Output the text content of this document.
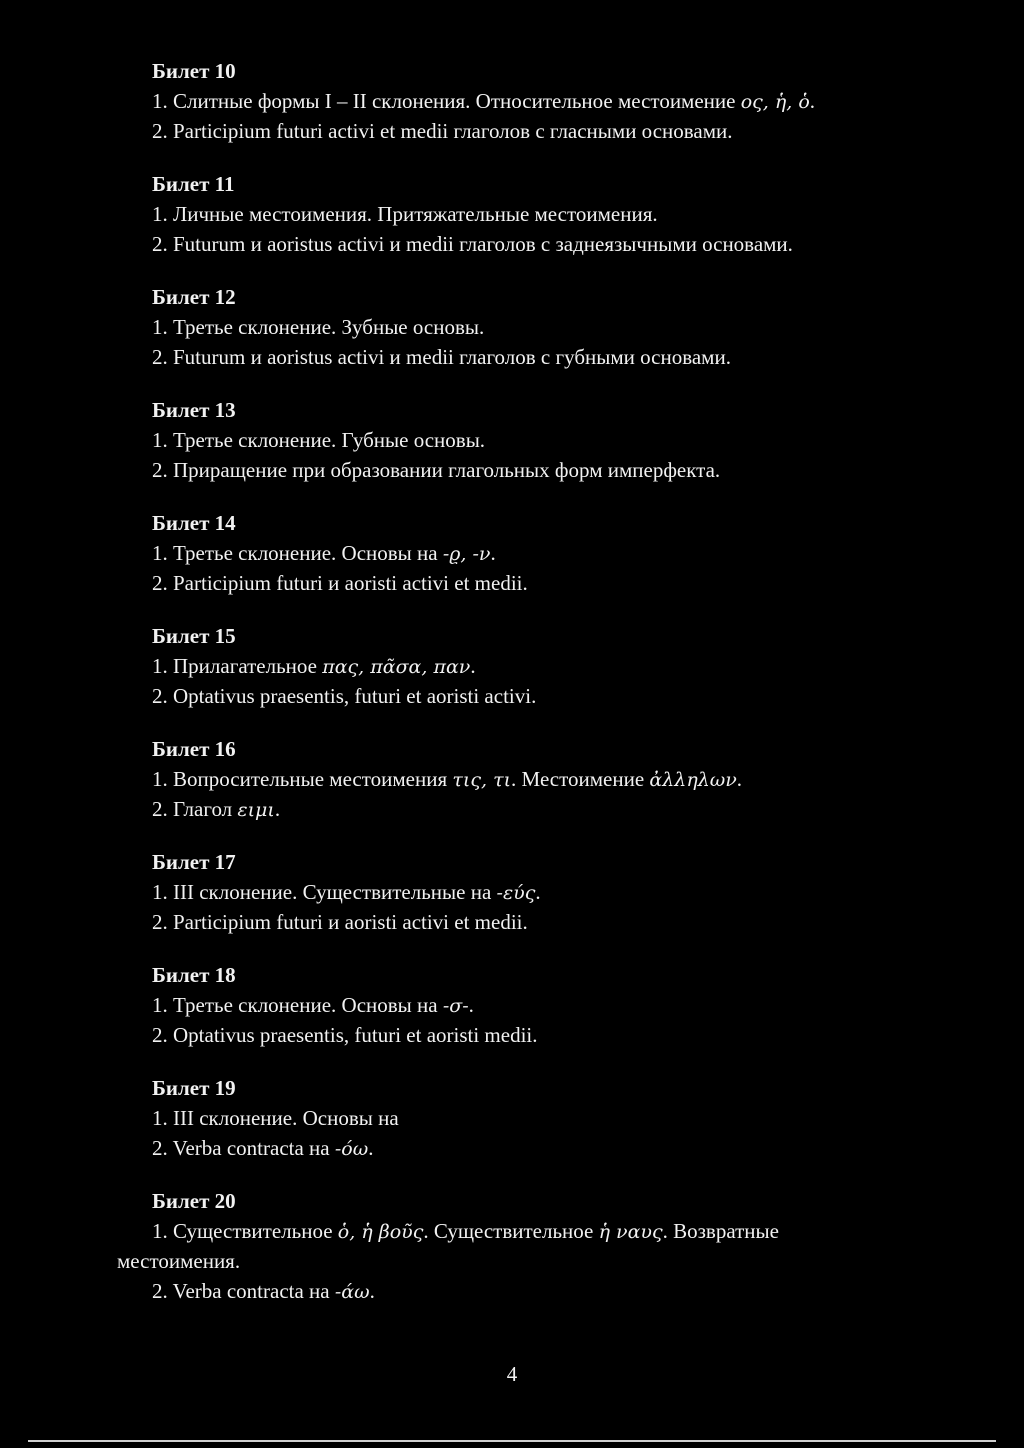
Билет 10
1. Слитные формы I – II склонения. Относительное местоимение ος, ἡ, ὁ.
2. Participium futuri activi et medii глаголов с гласными основами.
Билет 11
1. Личные местоимения. Притяжательные местоимения.
2. Futurum и aoristus activi и medii глаголов с заднеязычными основами.
Билет 12
1. Третье склонение. Зубные основы.
2. Futurum и aoristus activi и medii глаголов с губными основами.
Билет 13
1. Третье склонение. Губные основы.
2. Приращение при образовании глагольных форм имперфекта.
Билет 14
1. Третье склонение. Основы на -ϱ, -ν.
2. Participium futuri и aoristi activi et medii.
Билет 15
1. Прилагательное πας, πᾶσα, παν.
2. Optativus praesentis, futuri et aoristi activi.
Билет 16
1. Вопросительные местоимения τις, τι. Местоимение ἀλληλων.
2. Глагол ειμι.
Билет 17
1. III склонение. Существительные на -εύς.
2. Participium futuri и aoristi activi et medii.
Билет 18
1. Третье склонение. Основы на -σ-.
2. Optativus praesentis, futuri et aoristi medii.
Билет 19
1. III склонение. Основы на
2. Verba contracta на -όω.
Билет 20
1. Существительное ὁ, ἡ βοῦς. Существительное ἡ ναυς. Возвратные
местоимения.
2. Verba contracta на -άω.
4
